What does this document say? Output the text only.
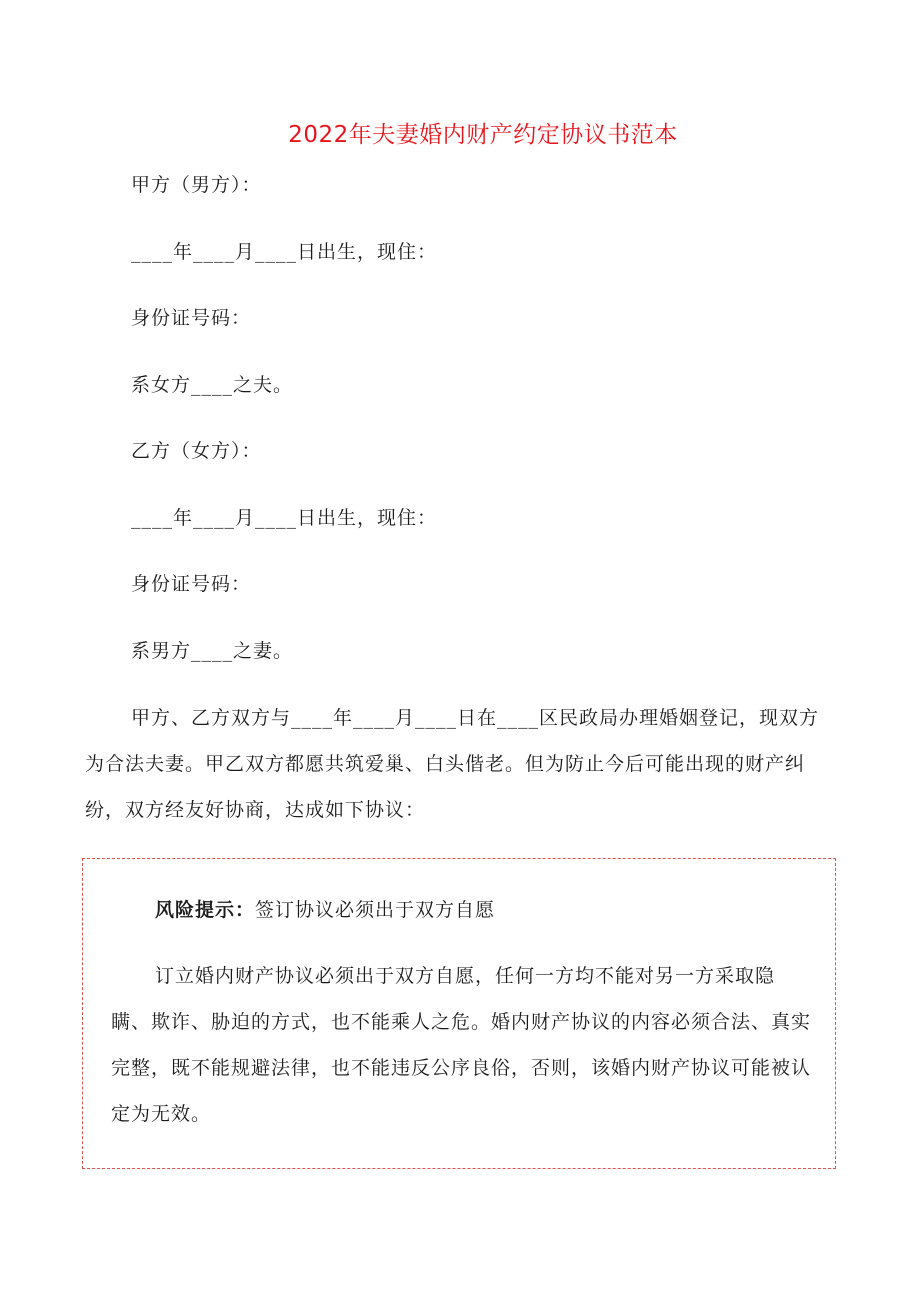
2022年夫妻婚内财产约定协议书范本
甲方（男方）：
____年____月____日出生，现住：
身份证号码：
系女方____之夫。
乙方（女方）：
____年____月____日出生，现住：
身份证号码：
系男方____之妻。
甲方、乙方双方与____年____月____日在____区民政局办理婚姻登记，现双方为合法夫妻。甲乙双方都愿共筑爱巢、白头偕老。但为防止今后可能出现的财产纠纷，双方经友好协商，达成如下协议：
风险提示：签订协议必须出于双方自愿
订立婚内财产协议必须出于双方自愿，任何一方均不能对另一方采取隐瞒、欺诈、胁迫的方式，也不能乘人之危。婚内财产协议的内容必须合法、真实完整，既不能规避法律，也不能违反公序良俗，否则，该婚内财产协议可能被认定为无效。
